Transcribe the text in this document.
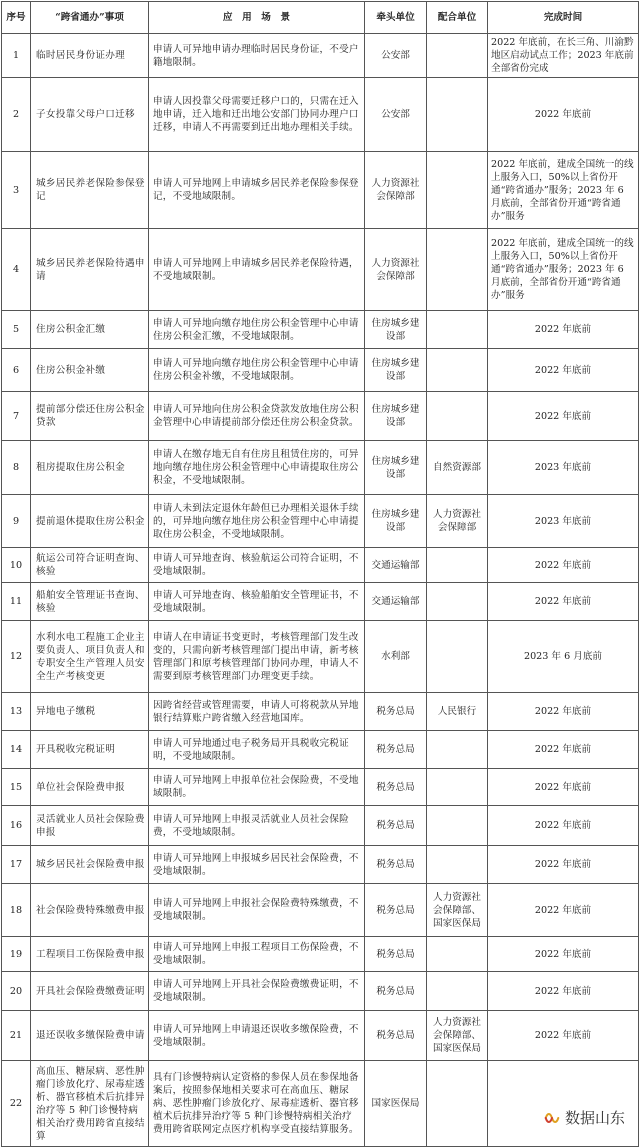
序号	“跨省通办”事项	应　用　场　景	牵头单位	配合单位	完成时间
1	临时居民身份证办理	申请人可异地申请办理临时居民身份证，不受户籍地限制。	公安部		2022 年底前，在长三角、川渝黔地区启动试点工作；2023 年底前全部省份完成
2	子女投靠父母户口迁移	申请人因投靠父母需要迁移户口的，只需在迁入地申请，迁入地和迁出地公安部门协同办理户口迁移，申请人不再需要到迁出地办理相关手续。	公安部		2022 年底前
3	城乡居民养老保险参保登记	申请人可异地网上申请城乡居民养老保险参保登记，不受地域限制。	人力资源社会保障部		2022 年底前，建成全国统一的线上服务入口，50%以上省份开通“跨省通办”服务；2023 年 6 月底前，全部省份开通“跨省通办”服务
4	城乡居民养老保险待遇申请	申请人可异地网上申请城乡居民养老保险待遇，不受地域限制。	人力资源社会保障部		2022 年底前，建成全国统一的线上服务入口，50%以上省份开通“跨省通办”服务；2023 年 6 月底前，全部省份开通“跨省通办”服务
5	住房公积金汇缴	申请人可异地向缴存地住房公积金管理中心申请住房公积金汇缴，不受地域限制。	住房城乡建设部		2022 年底前
6	住房公积金补缴	申请人可异地向缴存地住房公积金管理中心申请住房公积金补缴，不受地域限制。	住房城乡建设部		2022 年底前
7	提前部分偿还住房公积金贷款	申请人可异地向住房公积金贷款发放地住房公积金管理中心申请提前部分偿还住房公积金贷款。	住房城乡建设部		2022 年底前
8	租房提取住房公积金	申请人在缴存地无自有住房且租赁住房的，可异地向缴存地住房公积金管理中心申请提取住房公积金，不受地域限制。	住房城乡建设部	自然资源部	2023 年底前
9	提前退休提取住房公积金	申请人未到法定退休年龄但已办理相关退休手续的，可异地向缴存地住房公积金管理中心申请提取住房公积金，不受地域限制。	住房城乡建设部	人力资源社会保障部	2023 年底前
10	航运公司符合证明查询、核验	申请人可异地查询、核验航运公司符合证明，不受地域限制。	交通运输部		2022 年底前
11	船舶安全管理证书查询、核验	申请人可异地查询、核验船舶安全管理证书，不受地域限制。	交通运输部		2022 年底前
12	水利水电工程施工企业主要负责人、项目负责人和专职安全生产管理人员安全生产考核变更	申请人在申请证书变更时，考核管理部门发生改变的，只需向新考核管理部门提出申请，新考核管理部门和原考核管理部门协同办理，申请人不需要到原考核管理部门办理变更手续。	水利部		2023 年 6 月底前
13	异地电子缴税	因跨省经营或管理需要，申请人可将税款从异地银行结算账户跨省缴入经营地国库。	税务总局	人民银行	2022 年底前
14	开具税收完税证明	申请人可异地通过电子税务局开具税收完税证明，不受地域限制。	税务总局		2022 年底前
15	单位社会保险费申报	申请人可异地网上申报单位社会保险费，不受地域限制。	税务总局		2022 年底前
16	灵活就业人员社会保险费申报	申请人可异地网上申报灵活就业人员社会保险费，不受地域限制。	税务总局		2022 年底前
17	城乡居民社会保险费申报	申请人可异地网上申报城乡居民社会保险费，不受地域限制。	税务总局		2022 年底前
18	社会保险费特殊缴费申报	申请人可异地网上申报社会保险费特殊缴费，不受地域限制。	税务总局	人力资源社会保障部、国家医保局	2022 年底前
19	工程项目工伤保险费申报	申请人可异地网上申报工程项目工伤保险费，不受地域限制。	税务总局		2022 年底前
20	开具社会保险费缴费证明	申请人可异地网上开具社会保险费缴费证明，不受地域限制。	税务总局		2022 年底前
21	退还误收多缴保险费申请	申请人可异地网上申请退还误收多缴保险费，不受地域限制。	税务总局	人力资源社会保障部、国家医保局	2022 年底前
22	高血压、糖尿病、恶性肿瘤门诊放化疗、尿毒症透析、器官移植术后抗排异治疗等 5 种门诊慢特病相关治疗费用跨省直接结算	具有门诊慢特病认定资格的参保人员在参保地备案后，按照参保地相关要求可在高血压、糖尿病、恶性肿瘤门诊放化疗、尿毒症透析、器官移植术后抗排异治疗等 5 种门诊慢特病相关治疗费用跨省联网定点医疗机构享受直接结算服务。	国家医保局		
数据山东
